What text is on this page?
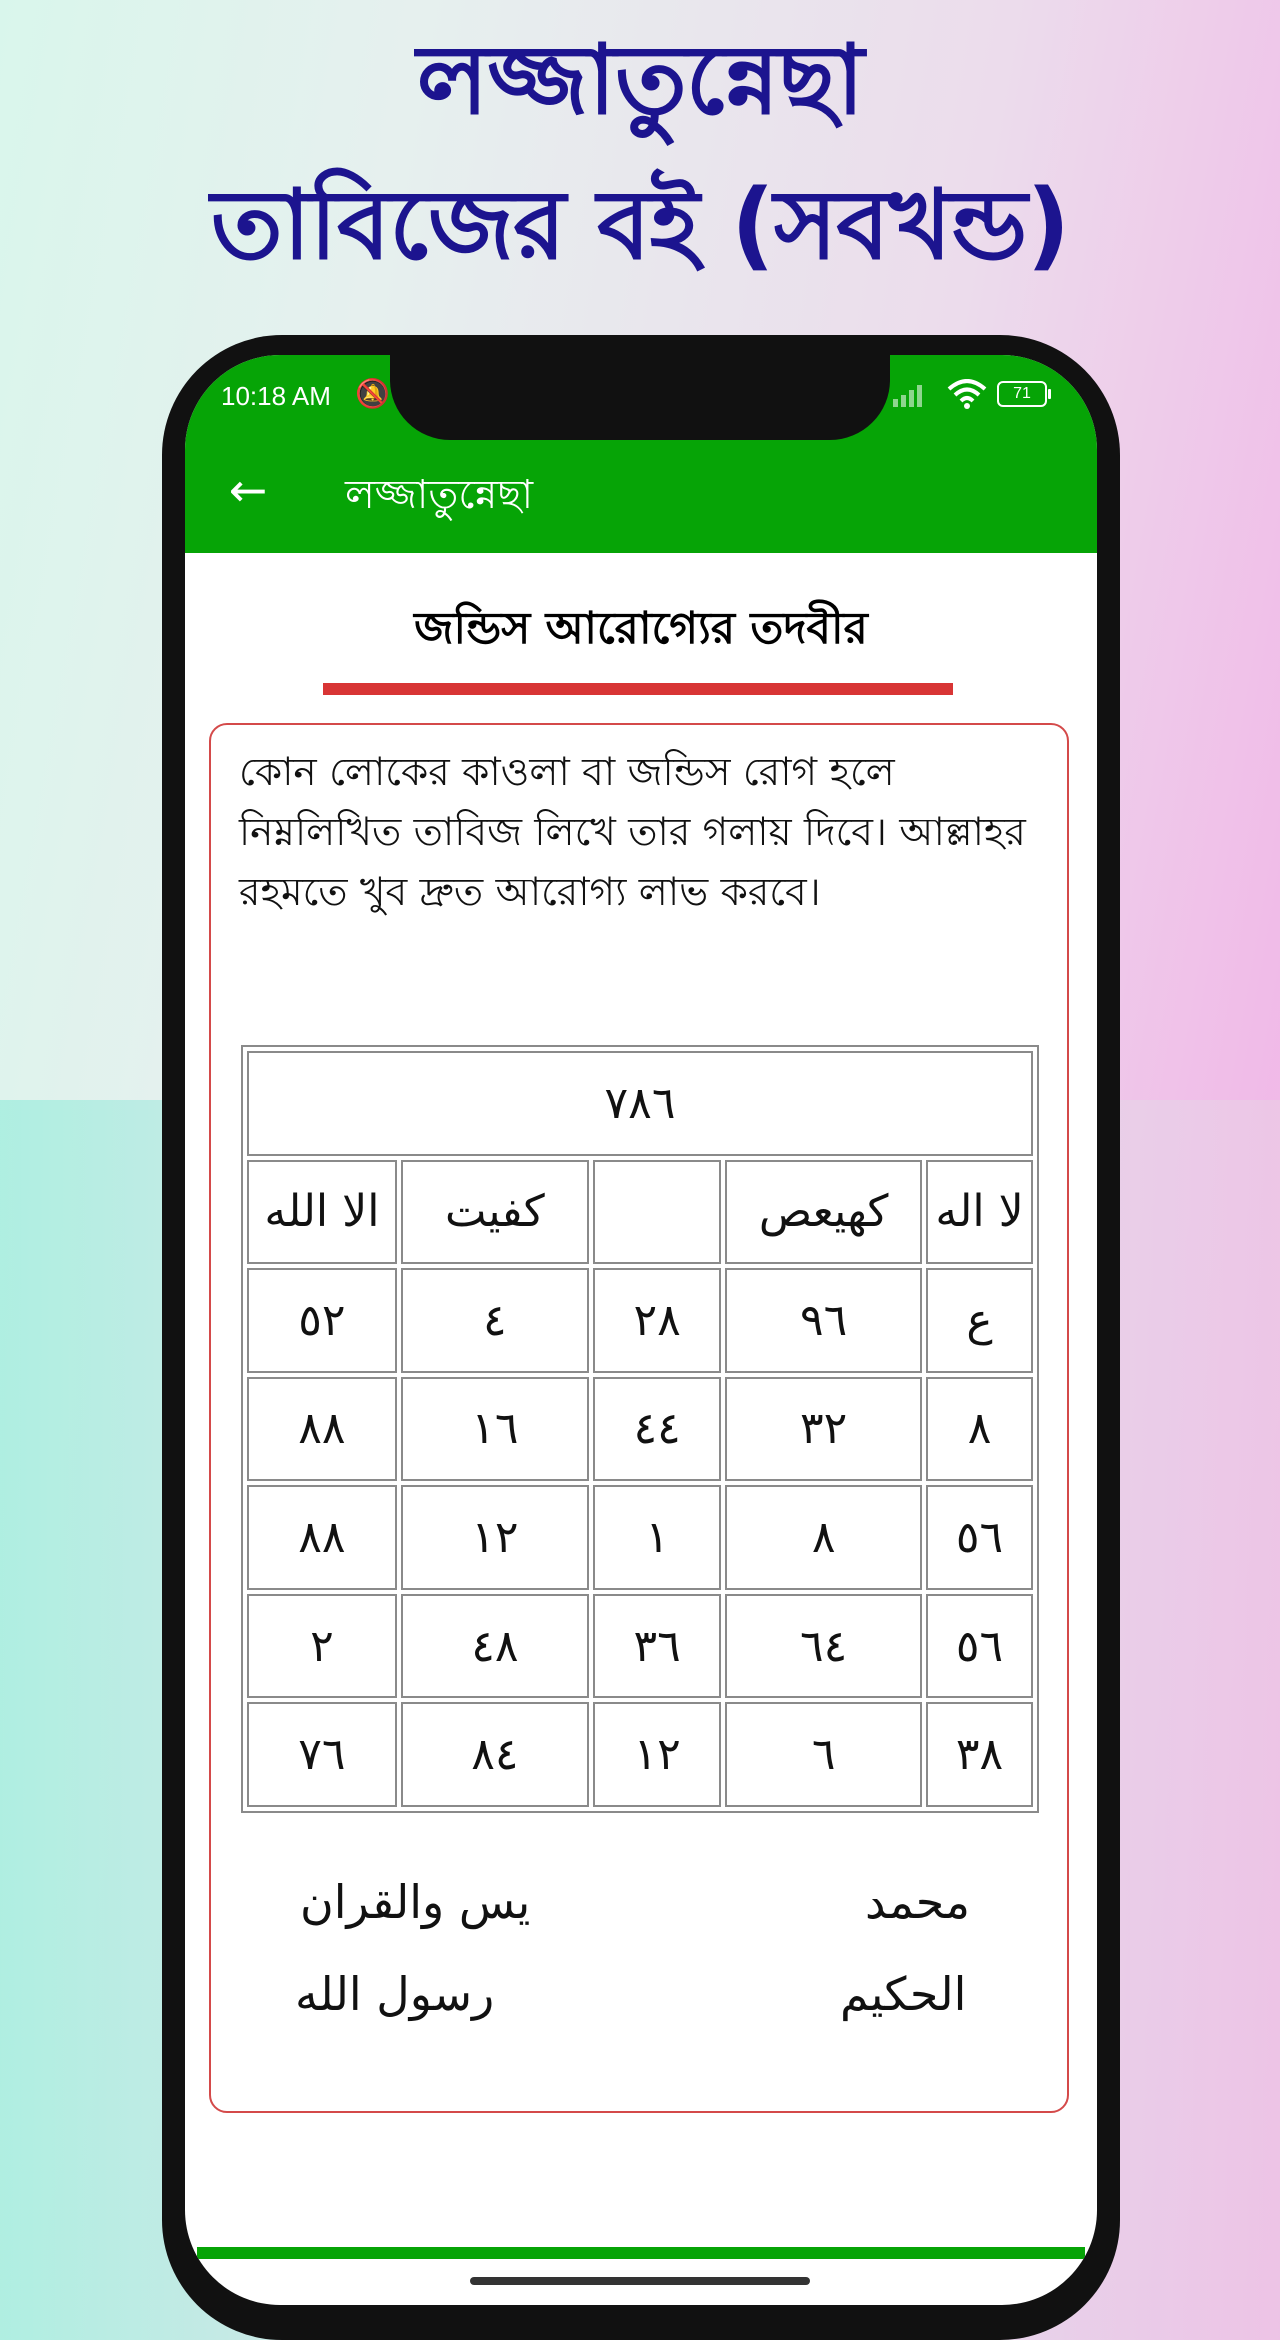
লজ্জাতুন্নেছা
তাবিজের বই (সবখন্ড)
10:18 AM 🔕	71
←	লজ্জাতুন্নেছা
জন্ডিস আরোগ্যের তদবীর
কোন লোকের কাওলা বা জন্ডিস রোগ হলে নিম্নলিখিত তাবিজ লিখে তার গলায় দিবে। আল্লাহর রহমতে খুব দ্রুত আরোগ্য লাভ করবে।
٧٨٦				
لا اله	كهيعص		كفيت	الا الله
ع	٩٦	٢٨	٤	٥٢
٨	٣٢	٤٤	١٦	٨٨
٥٦	٨	١	١٢	٨٨
٥٦	٦٤	٣٦	٤٨	٢
٣٨	٦	١٢	٨٤	٧٦
محمد
يس والقران
الحكيم
رسول الله
